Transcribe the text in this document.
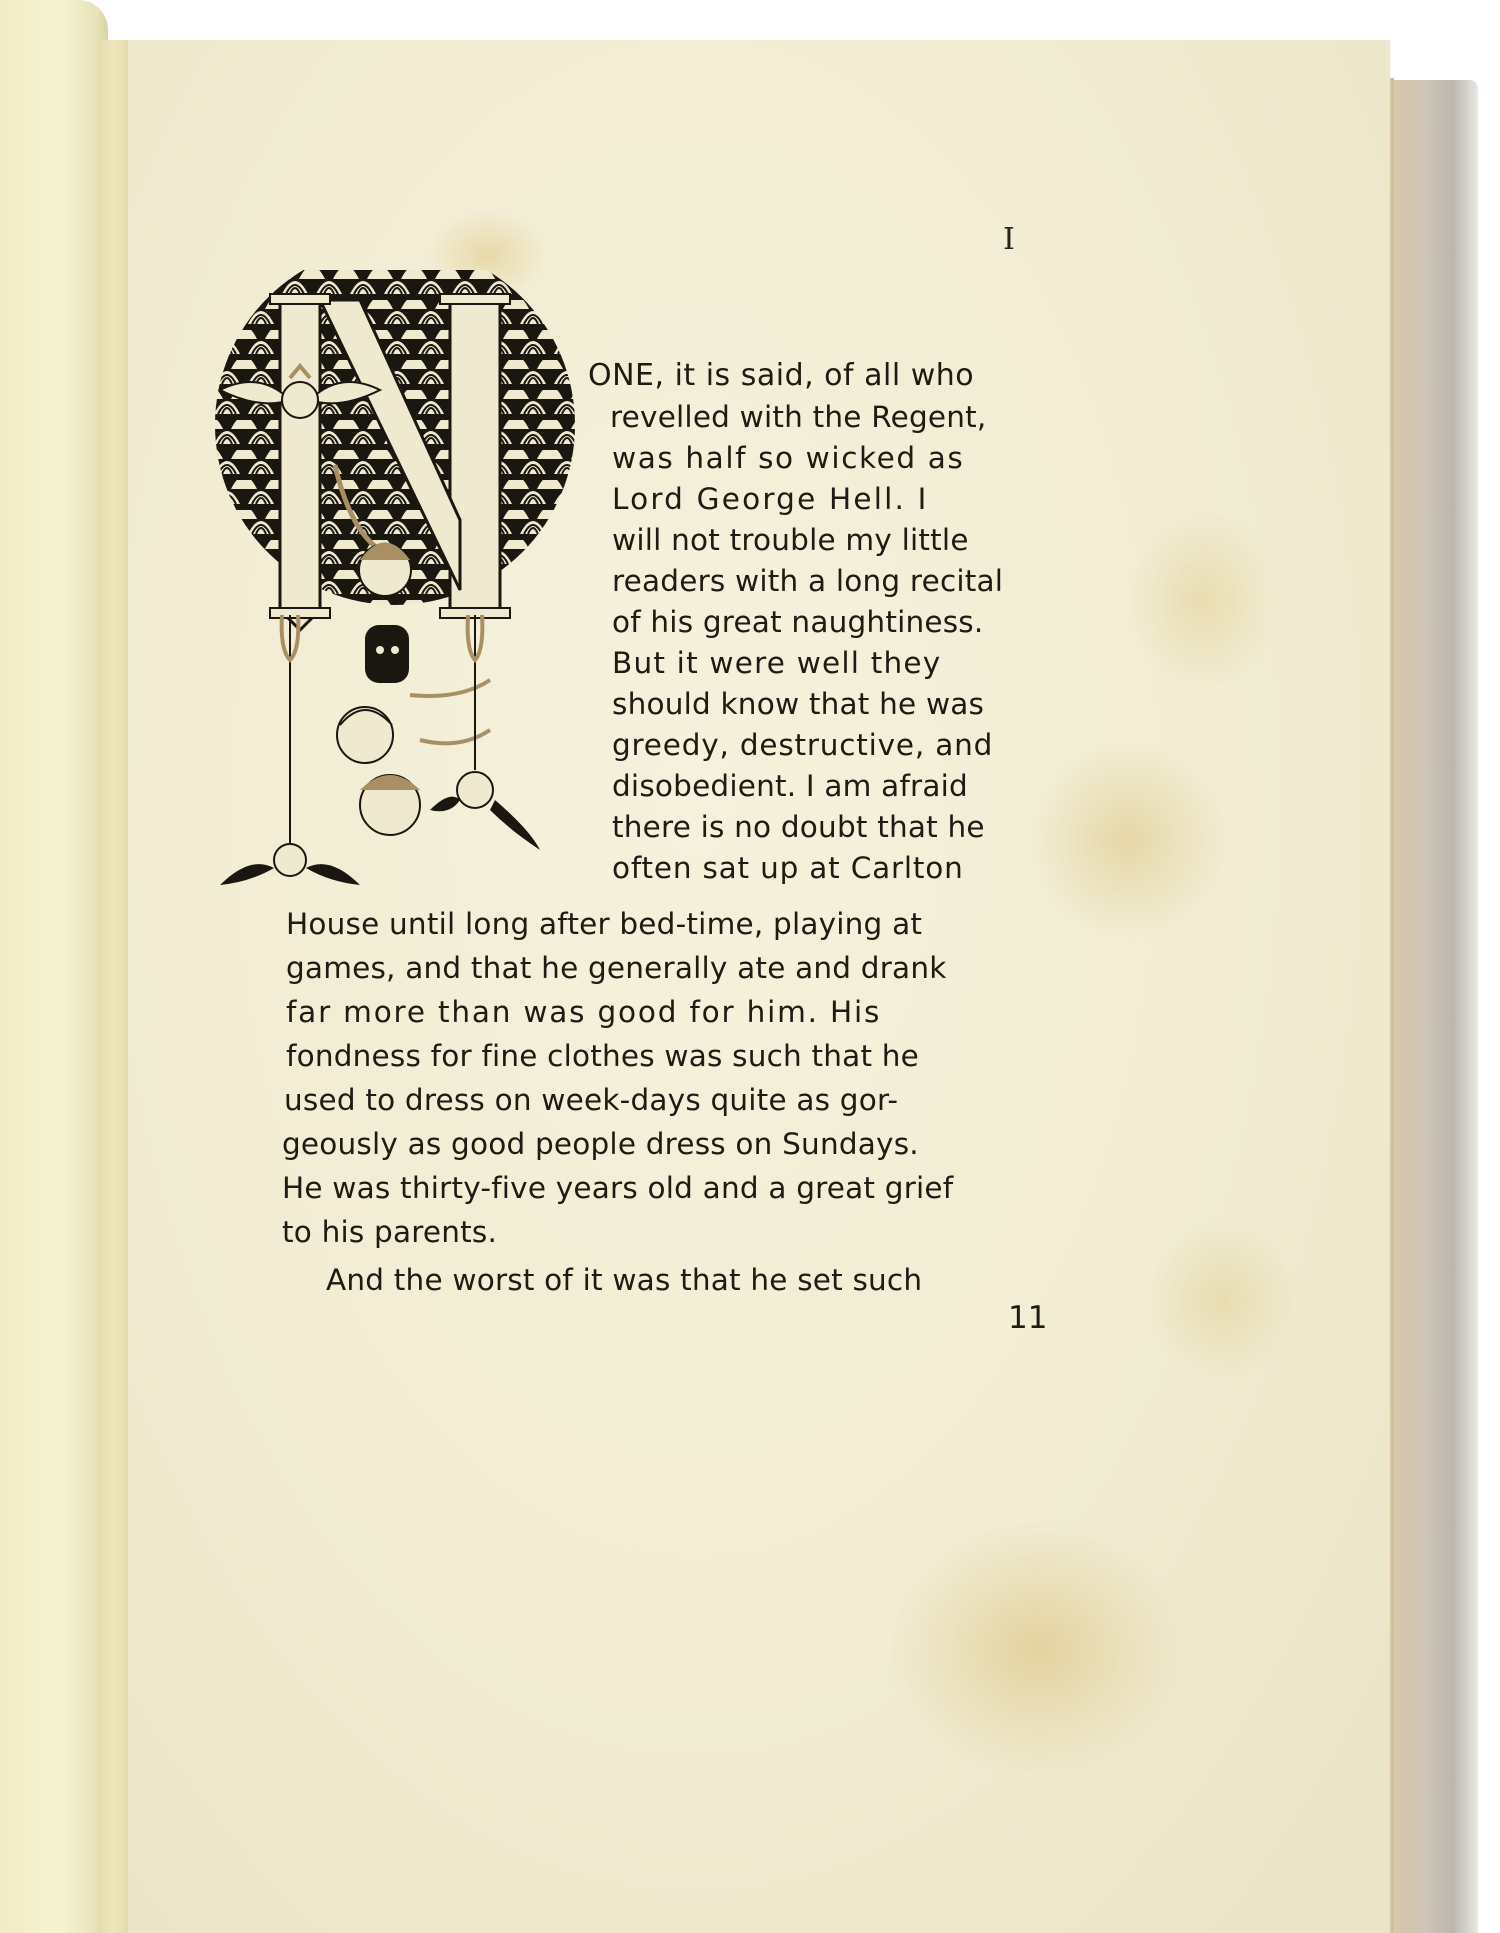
I
ONE, it is said, of all who
revelled with the Regent,
was half so wicked as
Lord George Hell. I
will not trouble my little
readers with a long recital
of his great naughtiness.
But it were well they
should know that he was
greedy, destructive, and
disobedient. I am afraid
there is no doubt that he
often sat up at Carlton
House until long after bed-time, playing at
games, and that he generally ate and drank
far more than was good for him. His
fondness for fine clothes was such that he
used to dress on week-days quite as gor-
geously as good people dress on Sundays.
He was thirty-five years old and a great grief
to his parents.
And the worst of it was that he set such
11
